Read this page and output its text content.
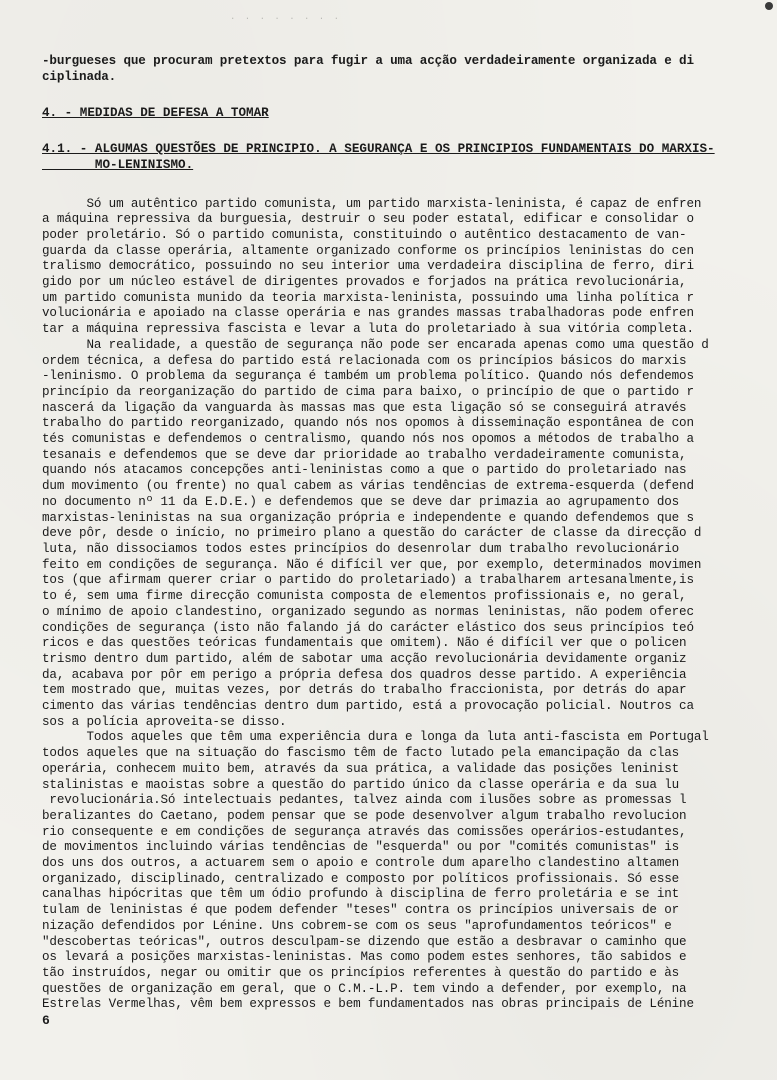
· · · · · · · ·
-burgueses que procuram pretextos para fugir a uma acção verdadeiramente organizada e di
ciplinada.
4. - MEDIDAS DE DEFESA A TOMAR
4.1. - ALGUMAS QUESTÕES DE PRINCIPIO. A SEGURANÇA E OS PRINCIPIOS FUNDAMENTAIS DO MARXIS-
MO-LENINISMO.
Só um autêntico partido comunista, um partido marxista-leninista, é capaz de enfren
a máquina repressiva da burguesia, destruir o seu poder estatal, edificar e consolidar o
poder proletário. Só o partido comunista, constituindo o autêntico destacamento de van-
guarda da classe operária, altamente organizado conforme os princípios leninistas do cen
tralismo democrático, possuindo no seu interior uma verdadeira disciplina de ferro, diri
gido por um núcleo estável de dirigentes provados e forjados na prática revolucionária,
um partido comunista munido da teoria marxista-leninista, possuindo uma linha política r
volucionária e apoiado na classe operária e nas grandes massas trabalhadoras pode enfren
tar a máquina repressiva fascista e levar a luta do proletariado à sua vitória completa.
Na realidade, a questão de segurança não pode ser encarada apenas como uma questão d
ordem técnica, a defesa do partido está relacionada com os princípios básicos do marxis
-leninismo. O problema da segurança é também um problema político. Quando nós defendemos
princípio da reorganização do partido de cima para baixo, o princípio de que o partido r
nascerá da ligação da vanguarda às massas mas que esta ligação só se conseguirá através
trabalho do partido reorganizado, quando nós nos opomos à disseminação espontânea de con
tés comunistas e defendemos o centralismo, quando nós nos opomos a métodos de trabalho a
tesanais e defendemos que se deve dar prioridade ao trabalho verdadeiramente comunista,
quando nós atacamos concepções anti-leninistas como a que o partido do proletariado nas
dum movimento (ou frente) no qual cabem as várias tendências de extrema-esquerda (defend
no documento nº 11 da E.D.E.) e defendemos que se deve dar primazia ao agrupamento dos
marxistas-leninistas na sua organização própria e independente e quando defendemos que s
deve pôr, desde o início, no primeiro plano a questão do carácter de classe da direcção d
luta, não dissociamos todos estes princípios do desenrolar dum trabalho revolucionário
feito em condições de segurança. Não é difícil ver que, por exemplo, determinados movimen
tos (que afirmam querer criar o partido do proletariado) a trabalharem artesanalmente,is
to é, sem uma firme direcção comunista composta de elementos profissionais e, no geral,
o mínimo de apoio clandestino, organizado segundo as normas leninistas, não podem oferec
condições de segurança (isto não falando já do carácter elástico dos seus princípios teó
ricos e das questões teóricas fundamentais que omitem). Não é difícil ver que o policen
trismo dentro dum partido, além de sabotar uma acção revolucionária devidamente organiz
da, acabava por pôr em perigo a própria defesa dos quadros desse partido. A experiência
tem mostrado que, muitas vezes, por detrás do trabalho fraccionista, por detrás do apar
cimento das várias tendências dentro dum partido, está a provocação policial. Noutros ca
sos a polícia aproveita-se disso.
Todos aqueles que têm uma experiência dura e longa da luta anti-fascista em Portugal
todos aqueles que na situação do fascismo têm de facto lutado pela emancipação da clas
operária, conhecem muito bem, através da sua prática, a validade das posições leninist
stalinistas e maoistas sobre a questão do partido único da classe operária e da sua lu
revolucionária.Só intelectuais pedantes, talvez ainda com ilusões sobre as promessas l
beralizantes do Caetano, podem pensar que se pode desenvolver algum trabalho revolucion
rio consequente e em condições de segurança através das comissões operários-estudantes,
de movimentos incluindo várias tendências de "esquerda" ou por "comités comunistas" is
dos uns dos outros, a actuarem sem o apoio e controle dum aparelho clandestino altamen
organizado, disciplinado, centralizado e composto por políticos profissionais. Só esse
canalhas hipócritas que têm um ódio profundo à disciplina de ferro proletária e se int
tulam de leninistas é que podem defender "teses" contra os princípios universais de or
nização defendidos por Lénine. Uns cobrem-se com os seus "aprofundamentos teóricos" e
"descobertas teóricas", outros desculpam-se dizendo que estão a desbravar o caminho que
os levará a posições marxistas-leninistas. Mas como podem estes senhores, tão sabidos e
tão instruídos, negar ou omitir que os princípios referentes à questão do partido e às
questões de organização em geral, que o C.M.-L.P. tem vindo a defender, por exemplo, na
Estrelas Vermelhas, vêm bem expressos e bem fundamentados nas obras principais de Lénine
6
